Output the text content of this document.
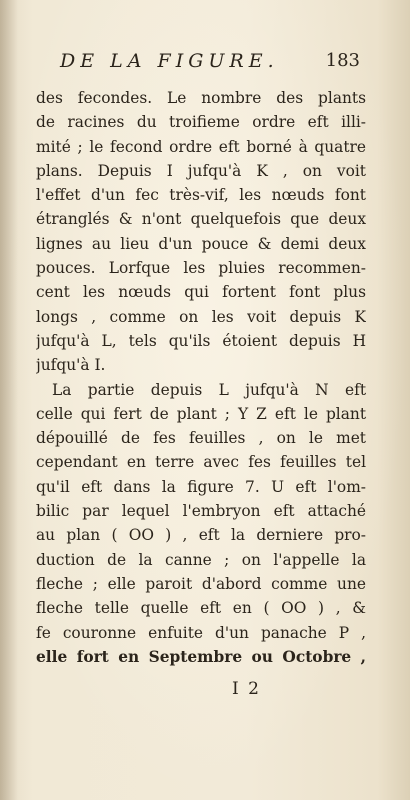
DE LA FIGURE.	183
des fecondes. Le nombre des plants
de racines du troifieme ordre eft illi-
mité ; le fecond ordre eft borné à quatre
plans. Depuis I jufqu'à K , on voit
l'effet d'un fec très-vif, les nœuds font
étranglés & n'ont quelquefois que deux
lignes au lieu d'un pouce & demi deux
pouces. Lorfque les pluies recommen-
cent les nœuds qui fortent font plus
longs , comme on les voit depuis K
jufqu'à L, tels qu'ils étoient depuis H
jufqu'à I.
La partie depuis L jufqu'à N eft
celle qui fert de plant ; Y Z eft le plant
dépouillé de fes feuilles , on le met
cependant en terre avec fes feuilles tel
qu'il eft dans la figure 7. U eft l'om-
bilic par lequel l'embryon eft attaché
au plan ( OO ) , eft la derniere pro-
duction de la canne ; on l'appelle la
fleche ; elle paroit d'abord comme une
fleche telle quelle eft en ( OO ) , &
fe couronne enfuite d'un panache P ,
elle fort en Septembre ou Octobre ,
I 2
